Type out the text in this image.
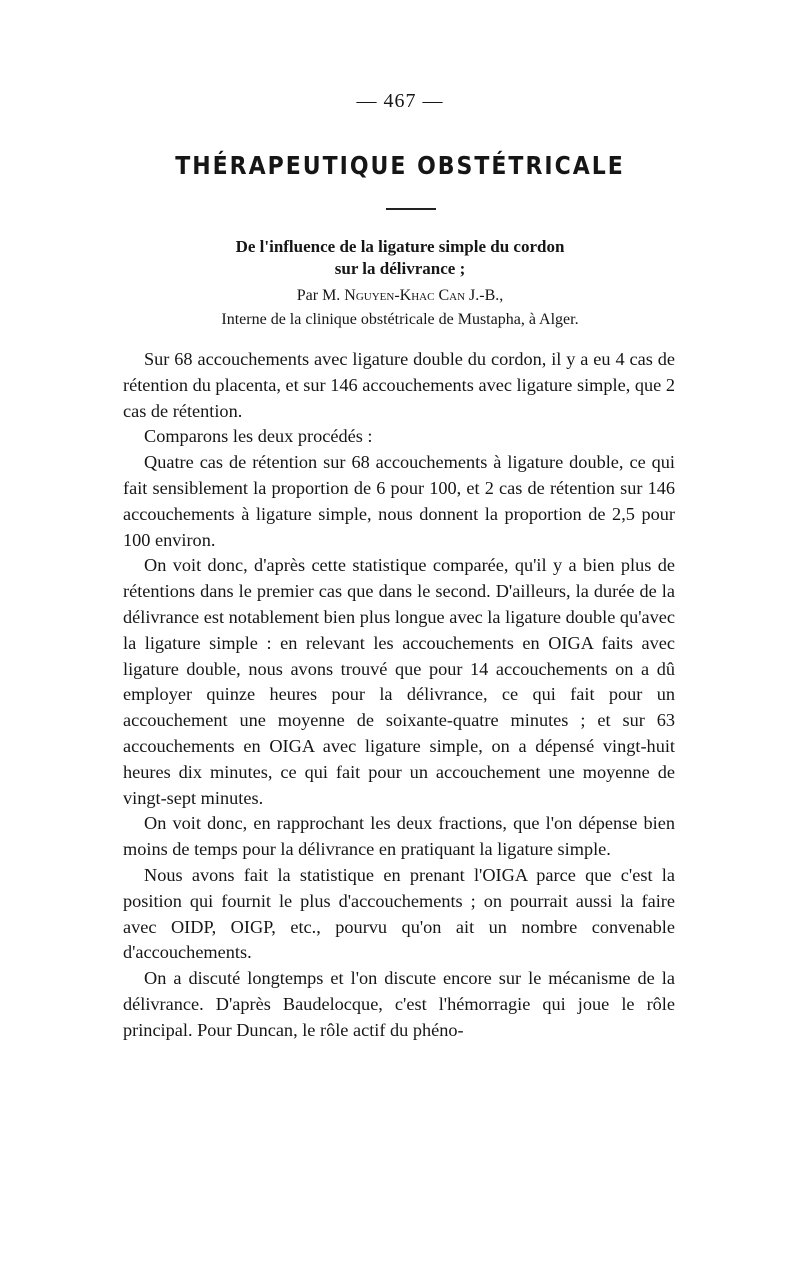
— 467 —
THÉRAPEUTIQUE OBSTÉTRICALE
De l'influence de la ligature simple du cordon
sur la délivrance ;
Par M. Nguyen-Khac Can J.-B.,
Interne de la clinique obstétricale de Mustapha, à Alger.

Sur 68 accouchements avec ligature double du cordon, il y a eu 4 cas de rétention du placenta, et sur 146 accouchements avec ligature simple, que 2 cas de rétention.

Comparons les deux procédés :

Quatre cas de rétention sur 68 accouchements à ligature double, ce qui fait sensiblement la proportion de 6 pour 100, et 2 cas de rétention sur 146 accouchements à ligature simple, nous donnent la proportion de 2,5 pour 100 environ.

On voit donc, d'après cette statistique comparée, qu'il y a bien plus de rétentions dans le premier cas que dans le second. D'ailleurs, la durée de la délivrance est notablement bien plus longue avec la ligature double qu'avec la ligature simple : en relevant les accouchements en OIGA faits avec ligature double, nous avons trouvé que pour 14 accouchements on a dû employer quinze heures pour la délivrance, ce qui fait pour un accouchement une moyenne de soixante-quatre minutes ; et sur 63 accouchements en OIGA avec ligature simple, on a dépensé vingt-huit heures dix minutes, ce qui fait pour un accouchement une moyenne de vingt-sept minutes.

On voit donc, en rapprochant les deux fractions, que l'on dépense bien moins de temps pour la délivrance en pratiquant la ligature simple.

Nous avons fait la statistique en prenant l'OIGA parce que c'est la position qui fournit le plus d'accouchements ; on pourrait aussi la faire avec OIDP, OIGP, etc., pourvu qu'on ait un nombre convenable d'accouchements.

On a discuté longtemps et l'on discute encore sur le mécanisme de la délivrance. D'après Baudelocque, c'est l'hémorragie qui joue le rôle principal. Pour Duncan, le rôle actif du phéno-
